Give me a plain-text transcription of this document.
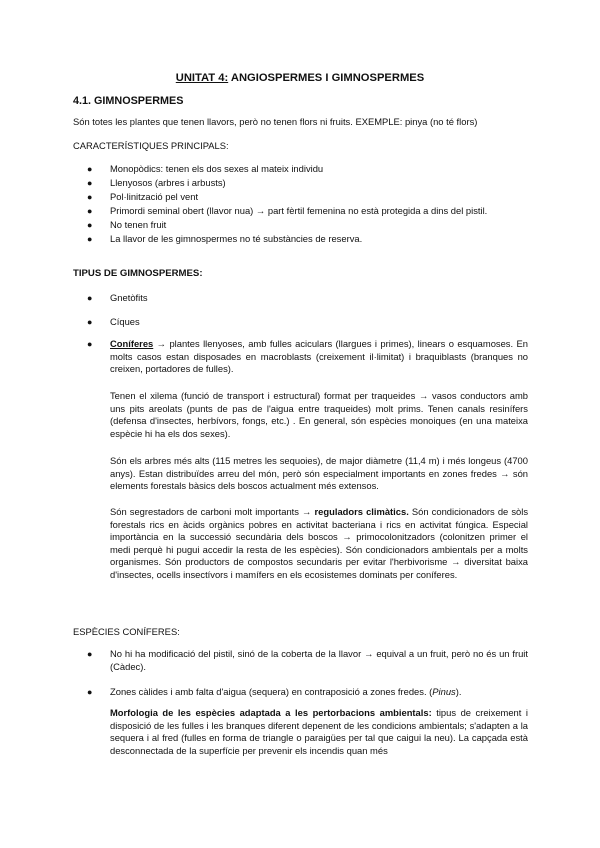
UNITAT 4: ANGIOSPERMES I GIMNOSPERMES
4.1. GIMNOSPERMES
Són totes les plantes que tenen llavors, però no tenen flors ni fruits. EXEMPLE: pinya (no té flors)
CARACTERÍSTIQUES PRINCIPALS:
● Monopòdics: tenen els dos sexes al mateix individu
● Llenyosos (arbres i arbusts)
● Pol·linització pel vent
● Primordi seminal obert (llavor nua) → part fèrtil femenina no està protegida a dins del pistil.
● No tenen fruit
● La llavor de les gimnospermes no té substàncies de reserva.
TIPUS DE GIMNOSPERMES:
● Gnetòfits
● Cíques
● Coníferes → plantes llenyoses, amb fulles aciculars (llargues i primes), linears o esquamoses. En molts casos estan disposades en macroblasts (creixement il·limitat) i braquiblasts (branques no creixen, portadores de fulles).
Tenen el xilema (funció de transport i estructural) format per traqueides → vasos conductors amb uns pits areolats (punts de pas de l'aigua entre traqueides) molt prims. Tenen canals resinífers (defensa d'insectes, herbívors, fongs, etc.) . En general, són espècies monoiques (en una mateixa espècie hi ha els dos sexes).
Són els arbres més alts (115 metres les sequoies), de major diàmetre (11,4 m) i més longeus (4700 anys). Estan distribuïdes arreu del món, però són especialment importants en zones fredes → són elements forestals bàsics dels boscos actualment més extensos.
Són segrestadors de carboni molt importants → reguladors climàtics. Són condicionadors de sòls forestals rics en àcids orgànics pobres en activitat bacteriana i rics en activitat fúngica. Especial importància en la successió secundària dels boscos → primocolonitzadors (colonitzen primer el medi perquè hi pugui accedir la resta de les espècies). Són condicionadors ambientals per a molts organismes. Són productors de compostos secundaris per evitar l'herbivorisme → diversitat baixa d'insectes, ocells insectívors i mamífers en els ecosistemes dominats per coníferes.
ESPÈCIES CONÍFERES:
● No hi ha modificació del pistil, sinó de la coberta de la llavor → equival a un fruit, però no és un fruit (Càdec).
● Zones càlides i amb falta d'aigua (sequera) en contraposició a zones fredes. (Pinus).
Morfologia de les espècies adaptada a les pertorbacions ambientals: tipus de creixement i disposició de les fulles i les branques diferent depenent de les condicions ambientals; s'adapten a la sequera i al fred (fulles en forma de triangle o paraigües per tal que caigui la neu). La capçada està desconnectada de la superfície per prevenir els incendis quan més
